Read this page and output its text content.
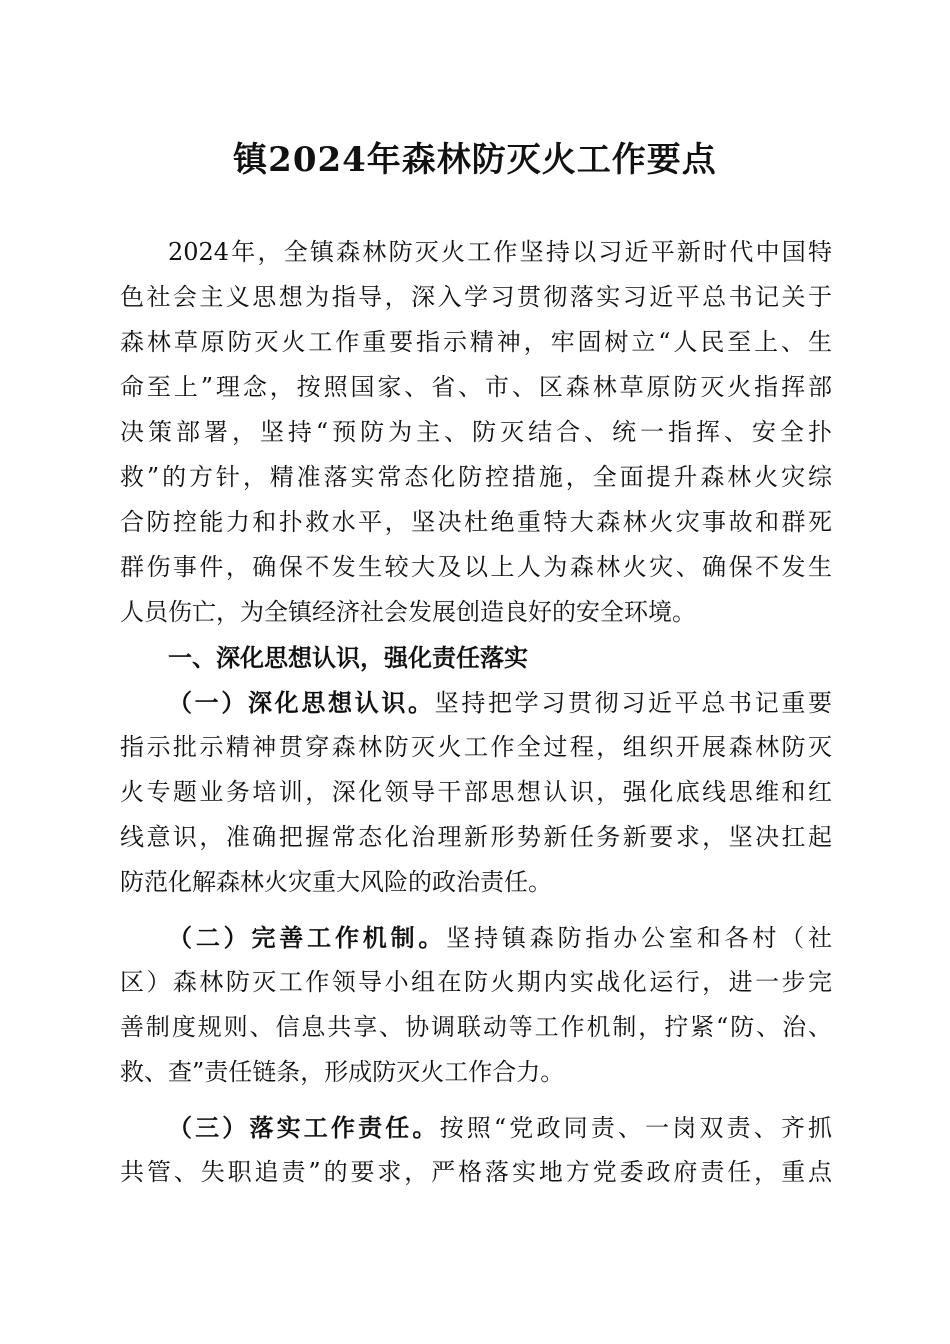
镇2024年森林防灭火工作要点
2024年，全镇森林防灭火工作坚持以习近平新时代中国特
色社会主义思想为指导，深入学习贯彻落实习近平总书记关于
森林草原防灭火工作重要指示精神，牢固树立“人民至上、生
命至上”理念，按照国家、省、市、区森林草原防灭火指挥部
决策部署，坚持“预防为主、防灭结合、统一指挥、安全扑
救”的方针，精准落实常态化防控措施，全面提升森林火灾综
合防控能力和扑救水平，坚决杜绝重特大森林火灾事故和群死
群伤事件，确保不发生较大及以上人为森林火灾、确保不发生
人员伤亡，为全镇经济社会发展创造良好的安全环境。
一、深化思想认识，强化责任落实
（一）深化思想认识。坚持把学习贯彻习近平总书记重要
指示批示精神贯穿森林防灭火工作全过程，组织开展森林防灭
火专题业务培训，深化领导干部思想认识，强化底线思维和红
线意识，准确把握常态化治理新形势新任务新要求，坚决扛起
防范化解森林火灾重大风险的政治责任。
（二）完善工作机制。坚持镇森防指办公室和各村（社
区）森林防灭工作领导小组在防火期内实战化运行，进一步完
善制度规则、信息共享、协调联动等工作机制，拧紧“防、治、
救、查”责任链条，形成防灭火工作合力。
（三）落实工作责任。按照“党政同责、一岗双责、齐抓
共管、失职追责”的要求，严格落实地方党委政府责任，重点
